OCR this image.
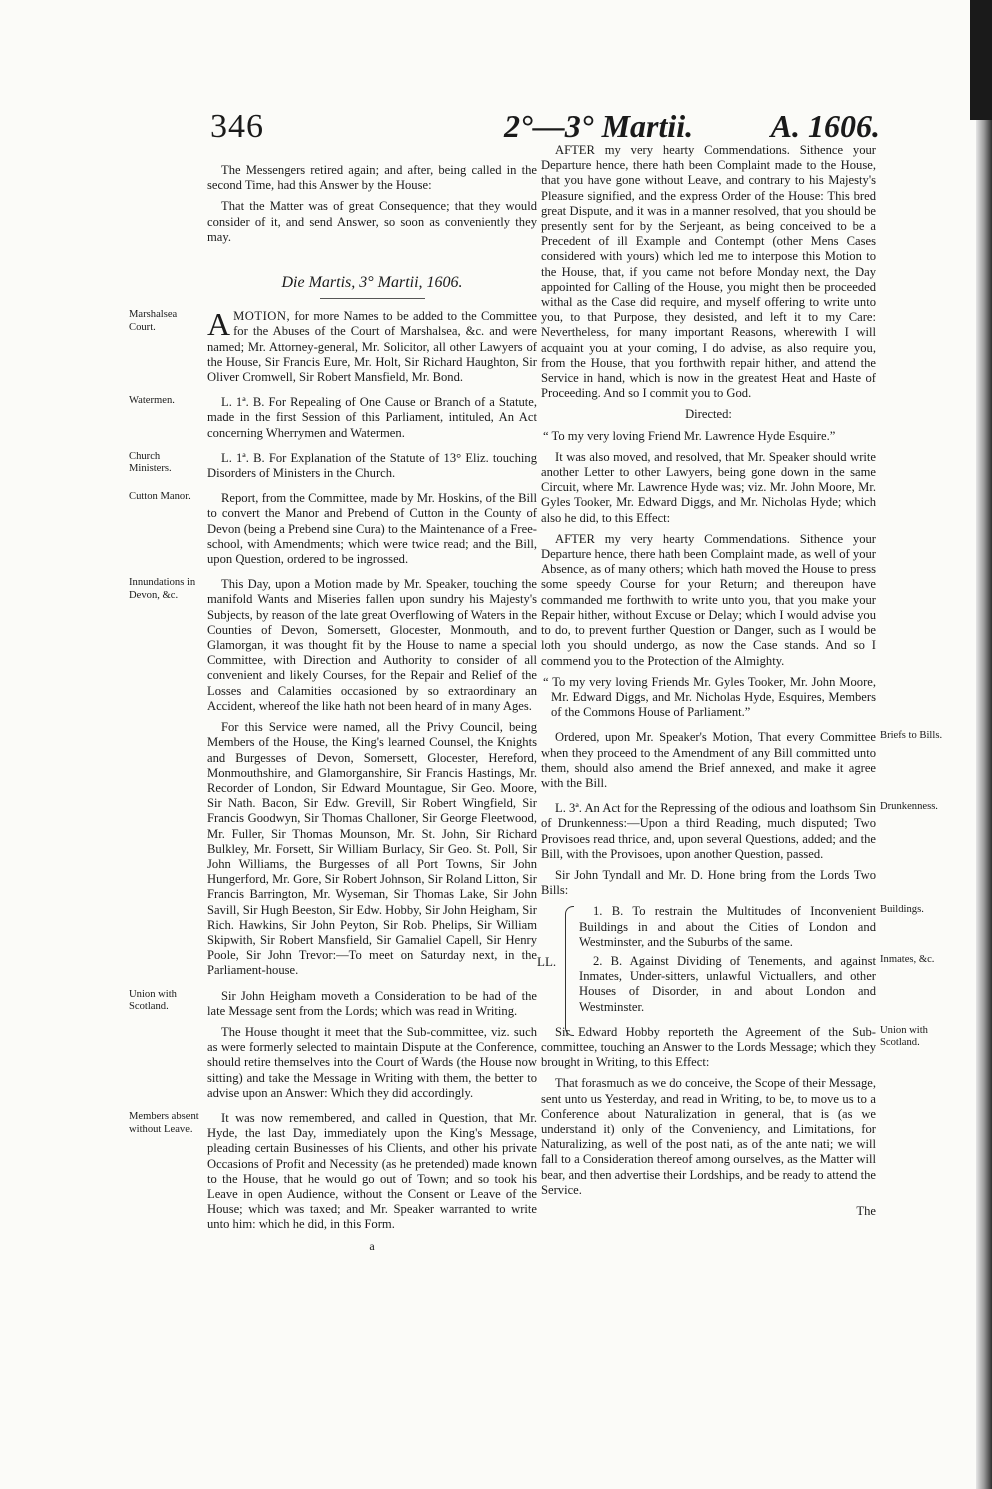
346	2°—3° Martii. A. 1606.

The Messengers retired again; and after, being called in the second Time, had this Answer by the House:

That the Matter was of great Consequence; that they would consider of it, and send Answer, so soon as conveniently they may.

Die Martis, 3° Martii, 1606.
Marshalsea Court.	AMOTION, for more Names to be added to the Committee for the Abuses of the Court of Marshalsea, &c. and were named; Mr. Attorney-general, Mr. Solicitor, all other Lawyers of the House, Sir Francis Eure, Mr. Holt, Sir Richard Haughton, Sir Oliver Cromwell, Sir Robert Mansfield, Mr. Bond.

Watermen.	L. 1ª. B. For Repealing of One Cause or Branch of a Statute, made in the first Session of this Parliament, intituled, An Act concerning Wherrymen and Watermen.

Church Ministers.

L. 1ª. B. For Explanation of the Statute of 13° Eliz. touching Disorders of Ministers in the Church.

Cutton Manor.	Report, from the Committee, made by Mr. Hoskins, of the Bill to convert the Manor and Prebend of Cutton in the County of Devon (being a Prebend sine Cura) to the Maintenance of a Free-school, with Amendments; which were twice read; and the Bill, upon Question, ordered to be ingrossed.

Innundations in Devon, &c.

This Day, upon a Motion made by Mr. Speaker, touching the manifold Wants and Miseries fallen upon sundry his Majesty's Subjects, by reason of the late great Overflowing of Waters in the Counties of Devon, Somersett, Glocester, Monmouth, and Glamorgan, it was thought fit by the House to name a special Committee, with Direction and Authority to consider of all convenient and likely Courses, for the Repair and Relief of the Losses and Calamities occasioned by so extraordinary an Accident, whereof the like hath not been heard of in many Ages.

For this Service were named, all the Privy Council, being Members of the House, the King's learned Counsel, the Knights and Burgesses of Devon, Somersett, Glocester, Hereford, Monmouthshire, and Glamorganshire, Sir Francis Hastings, Mr. Recorder of London, Sir Edward Mountague, Sir Geo. Moore, Sir Nath. Bacon, Sir Edw. Grevill, Sir Robert Wingfield, Sir Francis Goodwyn, Sir Thomas Challoner, Sir George Fleetwood, Mr. Fuller, Sir Thomas Mounson, Mr. St. John, Sir Richard Bulkley, Mr. Forsett, Sir William Burlacy, Sir Geo. St. Poll, Sir John Williams, the Burgesses of all Port Towns, Sir John Hungerford, Mr. Gore, Sir Robert Johnson, Sir Roland Litton, Sir Francis Barrington, Mr. Wyseman, Sir Thomas Lake, Sir John Savill, Sir Hugh Beeston, Sir Edw. Hobby, Sir John Heigham, Sir Rich. Hawkins, Sir John Peyton, Sir Rob. Phelips, Sir William Skipwith, Sir Robert Mansfield, Sir Gamaliel Capell, Sir Henry Poole, Sir John Trevor:—To meet on Saturday next, in the Parliament-house.

Union with Scotland.

Sir John Heigham moveth a Consideration to be had of the late Message sent from the Lords; which was read in Writing.

The House thought it meet that the Sub-committee, viz. such as were formerly selected to maintain Dispute at the Conference, should retire themselves into the Court of Wards (the House now sitting) and take the Message in Writing with them, the better to advise upon an Answer: Which they did accordingly.

Members absent without Leave.

It was now remembered, and called in Question, that Mr. Hyde, the last Day, immediately upon the King's Message, pleading certain Businesses of his Clients, and other his private Occasions of Profit and Necessity (as he pretended) made known to the House, that he would go out of Town; and so took his Leave in open Audience, without the Consent or Leave of the House; which was taxed; and Mr. Speaker warranted to write unto him: which he did, in this Form.

a

AFTER my very hearty Commendations. Sithence your Departure hence, there hath been Complaint made to the House, that you have gone without Leave, and contrary to his Majesty's Pleasure signified, and the express Order of the House: This bred great Dispute, and it was in a manner resolved, that you should be presently sent for by the Serjeant, as being conceived to be a Precedent of ill Example and Contempt (other Mens Cases considered with yours) which led me to interpose this Motion to the House, that, if you came not before Monday next, the Day appointed for Calling of the House, you might then be proceeded withal as the Case did require, and myself offering to write unto you, to that Purpose, they desisted, and left it to my Care: Nevertheless, for many important Reasons, wherewith I will acquaint you at your coming, I do advise, as also require you, from the House, that you forthwith repair hither, and attend the Service in hand, which is now in the greatest Heat and Haste of Proceeding. And so I commit you to God.

Directed:

“ To my very loving Friend Mr. Lawrence Hyde Esquire.”

It was also moved, and resolved, that Mr. Speaker should write another Letter to other Lawyers, being gone down in the same Circuit, where Mr. Lawrence Hyde was; viz. Mr. John Moore, Mr. Gyles Tooker, Mr. Edward Diggs, and Mr. Nicholas Hyde; which also he did, to this Effect:

AFTER my very hearty Commendations. Sithence your Departure hence, there hath been Complaint made, as well of your Absence, as of many others; which hath moved the House to press some speedy Course for your Return; and thereupon have commanded me forthwith to write unto you, that you make your Repair hither, without Excuse or Delay; which I would advise you to do, to prevent further Question or Danger, such as I would be loth you should undergo, as now the Case stands. And so I commend you to the Protection of the Almighty.

“ To my very loving Friends Mr. Gyles Tooker, Mr. John Moore, Mr. Edward Diggs, and Mr. Nicholas Hyde, Esquires, Members of the Commons House of Parliament.”

Briefs to Bills.

Ordered, upon Mr. Speaker's Motion, That every Committee when they proceed to the Amendment of any Bill committed unto them, should also amend the Brief annexed, and make it agree with the Bill.

Drunkenness.

L. 3ª. An Act for the Repressing of the odious and loathsom Sin of Drunkenness:—Upon a third Reading, much disputed; Two Provisoes read thrice, and, upon several Questions, added; and the Bill, with the Provisoes, upon another Question, passed.

Sir John Tyndall and Mr. D. Hone bring from the Lords Two Bills:

LL.
Buildings.

1. B. To restrain the Multitudes of Inconvenient Buildings in and about the Cities of London and Westminster, and the Suburbs of the same.

Inmates, &c.

2. B. Against Dividing of Tenements, and against Inmates, Under-sitters, unlawful Victuallers, and other Houses of Disorder, in and about London and Westminster.

Union with Scotland.

Sir Edward Hobby reporteth the Agreement of the Sub-committee, touching an Answer to the Lords Message; which they brought in Writing, to this Effect:

That forasmuch as we do conceive, the Scope of their Message, sent unto us Yesterday, and read in Writing, to be, to move us to a Conference about Naturalization in general, that is (as we understand it) only of the Conveniency, and Limitations, for Naturalizing, as well of the post nati, as of the ante nati; we will fall to a Consideration thereof among ourselves, as the Matter will bear, and then advertise their Lordships, and be ready to attend the Service.

The
